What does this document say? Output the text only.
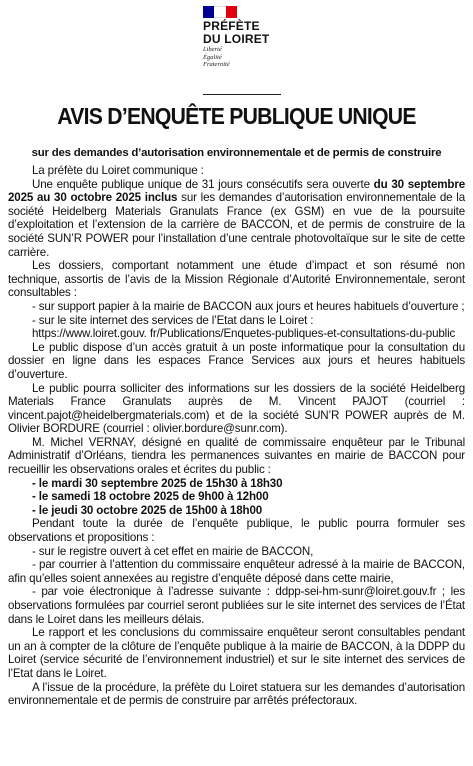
PRÉFÈTE
DU LOIRET
Liberté
Égalité
Fraternité
AVIS D’ENQUÊTE PUBLIQUE UNIQUE
sur des demandes d’autorisation environnementale et de permis de construire

La préfète du Loiret communique :

Une enquête publique unique de 31 jours consécutifs sera ouverte du 30 septembre 2025 au 30 octobre 2025 inclus sur les demandes d’autorisation environnementale de la société Heidelberg Materials Granulats France (ex GSM) en vue de la poursuite d’exploitation et l’extension de la carrière de BACCON, et de permis de construire de la société SUN’R POWER pour l’installation d’une centrale photovoltaïque sur le site de cette carrière.

Les dossiers, comportant notamment une étude d’impact et son résumé non technique, assortis de l’avis de la Mission Régionale d’Autorité Environnementale, seront consultables :

- sur support papier à la mairie de BACCON aux jours et heures habituels d’ouverture ;

- sur le site internet des services de l’Etat dans le Loiret :

https://www.loiret.gouv. fr/Publications/Enquetes-publiques-et-consultations-du-public

Le public dispose d’un accès gratuit à un poste informatique pour la consultation du dossier en ligne dans les espaces France Services aux jours et heures habituels d’ouverture.

Le public pourra solliciter des informations sur les dossiers de la société Heidelberg Materials France Granulats auprès de M. Vincent PAJOT (courriel : vincent.pajot@heidelbergmaterials.com) et de la société SUN’R POWER auprès de M. Olivier BORDURE (courriel : olivier.bordure@sunr.com).

M. Michel VERNAY, désigné en qualité de commissaire enquêteur par le Tribunal Administratif d’Orléans, tiendra les permanences suivantes en mairie de BACCON pour recueillir les observations orales et écrites du public :

- le mardi 30 septembre 2025 de 15h30 à 18h30

- le samedi 18 octobre 2025 de 9h00 à 12h00

- le jeudi 30 octobre 2025 de 15h00 à 18h00

Pendant toute la durée de l’enquête publique, le public pourra formuler ses observations et propositions :

- sur le registre ouvert à cet effet en mairie de BACCON,

- par courrier à l’attention du commissaire enquêteur adressé à la mairie de BACCON, afin qu’elles soient annexées au registre d’enquête déposé dans cette mairie,

- par voie électronique à l’adresse suivante : ddpp-sei-hm-sunr@loiret.gouv.fr ; les observations formulées par courriel seront publiées sur le site internet des services de l’État dans le Loiret dans les meilleurs délais.

Le rapport et les conclusions du commissaire enquêteur seront consultables pendant un an à compter de la clôture de l’enquête publique à la mairie de BACCON, à la DDPP du Loiret (service sécurité de l’environnement industriel) et sur le site internet des services de l’Etat dans le Loiret.

A l’issue de la procédure, la préfète du Loiret statuera sur les demandes d’autorisation environnementale et de permis de construire par arrêtés préfectoraux.
